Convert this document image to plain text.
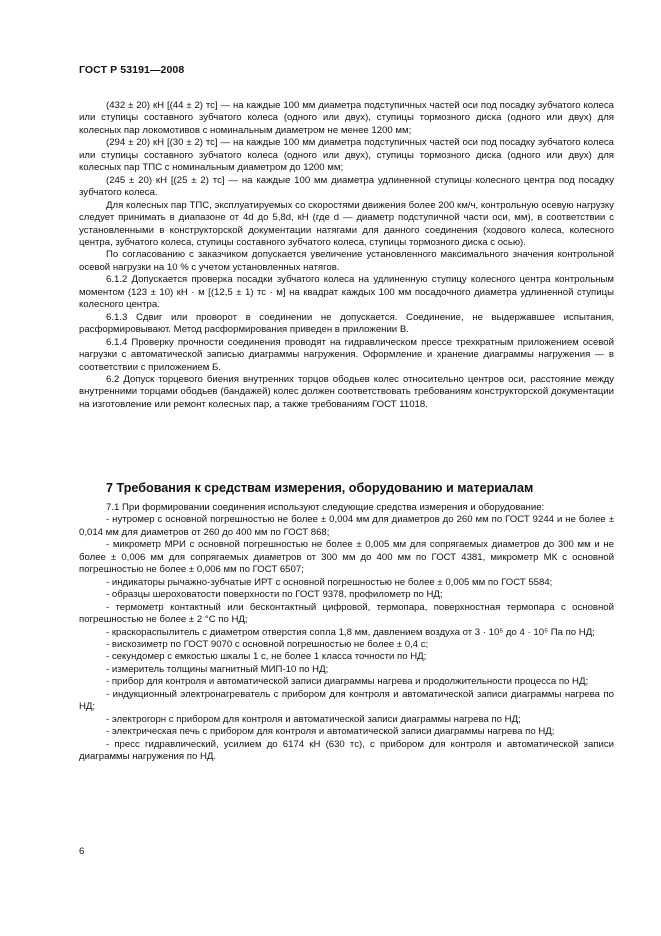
ГОСТ Р 53191—2008

(432 ± 20) кН [(44 ± 2) тс] — на каждые 100 мм диаметра подступичных частей оси под посадку зубчатого колеса или ступицы составного зубчатого колеса (одного или двух), ступицы тормозного диска (одного или двух) для колесных пар локомотивов с номинальным диаметром не менее 1200 мм;

(294 ± 20) кН [(30 ± 2) тс] — на каждые 100 мм диаметра подступичных частей оси под посадку зубчатого колеса или ступицы составного зубчатого колеса (одного или двух), ступицы тормозного диска (одного или двух) для колесных пар ТПС с номинальным диаметром до 1200 мм;

(245 ± 20) кН [(25 ± 2) тс] — на каждые 100 мм диаметра удлиненной ступицы колесного центра под посадку зубчатого колеса.

Для колесных пар ТПС, эксплуатируемых со скоростями движения более 200 км/ч, контрольную осевую нагрузку следует принимать в диапазоне от 4d до 5,8d, кН (где d — диаметр подступичной части оси, мм), в соответствии с установленными в конструкторской документации натягами для данного соединения (ходового колеса, колесного центра, зубчатого колеса, ступицы составного зубчатого колеса, ступицы тормозного диска с осью).

По согласованию с заказчиком допускается увеличение установленного максимального значения контрольной осевой нагрузки на 10 % с учетом установленных натягов.

6.1.2 Допускается проверка посадки зубчатого колеса на удлиненную ступицу колесного центра контрольным моментом (123 ± 10) кН · м [(12,5 ± 1) тс · м] на квадрат каждых 100 мм посадочного диаметра удлиненной ступицы колесного центра.

6.1.3 Сдвиг или проворот в соединении не допускается. Соединение, не выдержавшее испытания, расформировывают. Метод расформирования приведен в приложении В.

6.1.4 Проверку прочности соединения проводят на гидравлическом прессе трехкратным приложением осевой нагрузки с автоматической записью диаграммы нагружения. Оформление и хранение диаграммы нагружения — в соответствии с приложением Б.

6.2 Допуск торцевого биения внутренних торцов ободьев колес относительно центров оси, расстояние между внутренними торцами ободьев (бандажей) колес должен соответствовать требованиям конструкторской документации на изготовление или ремонт колесных пар, а также требованиям ГОСТ 11018.

7 Требования к средствам измерения, оборудованию и материалам

7.1 При формировании соединения используют следующие средства измерения и оборудование:

- нутромер с основной погрешностью не более ± 0,004 мм для диаметров до 260 мм по ГОСТ 9244 и не более ± 0,014 мм для диаметров от 260 до 400 мм по ГОСТ 868;

- микрометр МРИ с основной погрешностью не более ± 0,005 мм для сопрягаемых диаметров до 300 мм и не более ± 0,006 мм для сопрягаемых диаметров от 300 мм до 400 мм по ГОСТ 4381, микрометр МК с основной погрешностью не более ± 0,006 мм по ГОСТ 6507;

- индикаторы рычажно-зубчатые ИРТ с основной погрешностью не более ± 0,005 мм по ГОСТ 5584;

- образцы шероховатости поверхности по ГОСТ 9378, профилометр по НД;

- термометр контактный или бесконтактный цифровой, термопара, поверхностная термопара с основной погрешностью не более ± 2 °С по НД;

- краскораспылитель с диаметром отверстия сопла 1,8 мм, давлением воздуха от 3 · 10⁵ до 4 · 10⁵ Па по НД;

- вискозиметр по ГОСТ 9070 с основной погрешностью не более ± 0,4 с;

- секундомер с емкостью шкалы 1 с, не более 1 класса точности по НД;

- измеритель толщины магнитный МИП-10 по НД;

- прибор для контроля и автоматической записи диаграммы нагрева и продолжительности процесса по НД;

- индукционный электронагреватель с прибором для контроля и автоматической записи диаграммы нагрева по НД;

- электрогорн с прибором для контроля и автоматической записи диаграммы нагрева по НД;

- электрическая печь с прибором для контроля и автоматической записи диаграммы нагрева по НД;

- пресс гидравлический, усилием до 6174 кН (630 тс), с прибором для контроля и автоматической записи диаграммы нагружения по НД.

6
